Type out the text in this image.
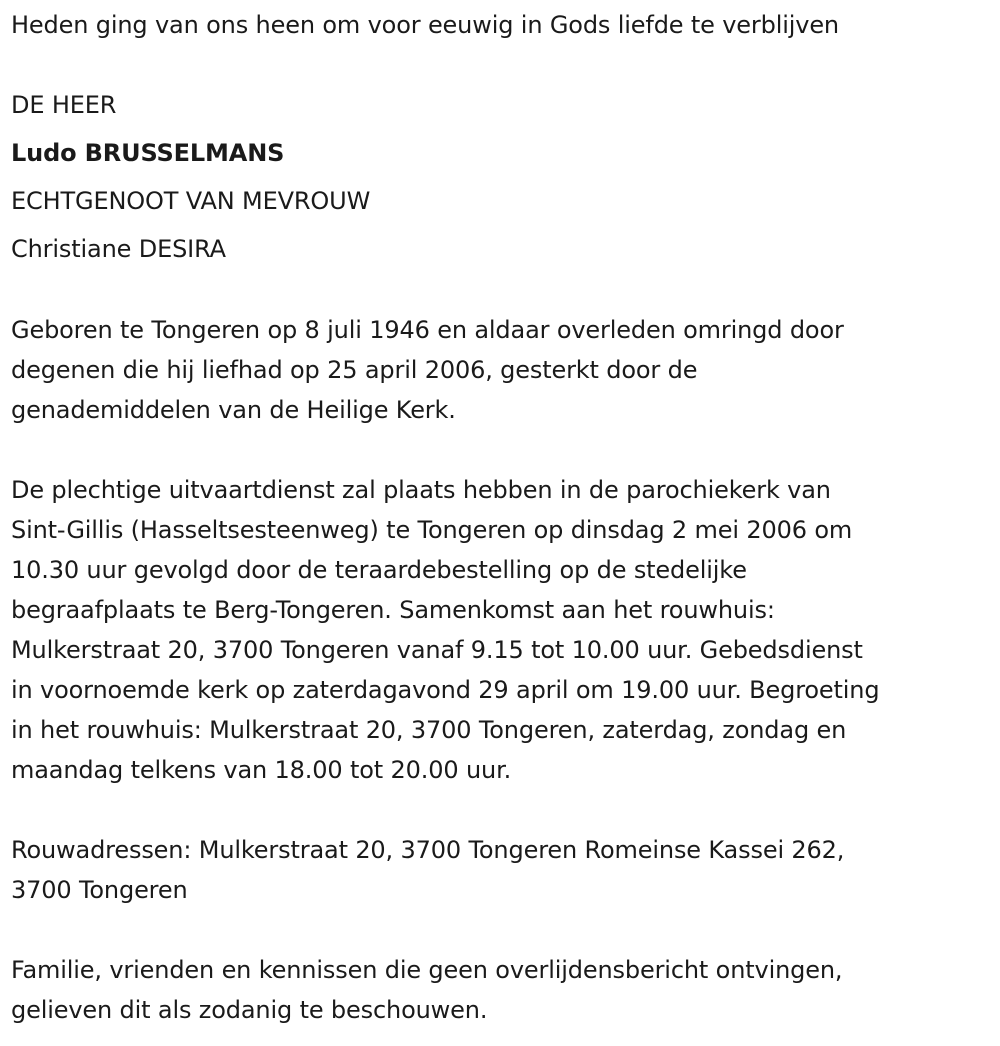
Heden ging van ons heen om voor eeuwig in Gods liefde te verblijven
DE HEER
Ludo BRUSSELMANS
ECHTGENOOT VAN MEVROUW
Christiane DESIRA
Geboren te Tongeren op 8 juli 1946 en aldaar overleden omringd door
degenen die hij liefhad op 25 april 2006, gesterkt door de
genademiddelen van de Heilige Kerk.
De plechtige uitvaartdienst zal plaats hebben in de parochiekerk van
Sint-Gillis (Hasseltsesteenweg) te Tongeren op dinsdag 2 mei 2006 om
10.30 uur gevolgd door de teraardebestelling op de stedelijke
begraafplaats te Berg-Tongeren. Samenkomst aan het rouwhuis:
Mulkerstraat 20, 3700 Tongeren vanaf 9.15 tot 10.00 uur. Gebedsdienst
in voornoemde kerk op zaterdagavond 29 april om 19.00 uur. Begroeting
in het rouwhuis: Mulkerstraat 20, 3700 Tongeren, zaterdag, zondag en
maandag telkens van 18.00 tot 20.00 uur.
Rouwadressen: Mulkerstraat 20, 3700 Tongeren Romeinse Kassei 262,
3700 Tongeren
Familie, vrienden en kennissen die geen overlijdensbericht ontvingen,
gelieven dit als zodanig te beschouwen.
